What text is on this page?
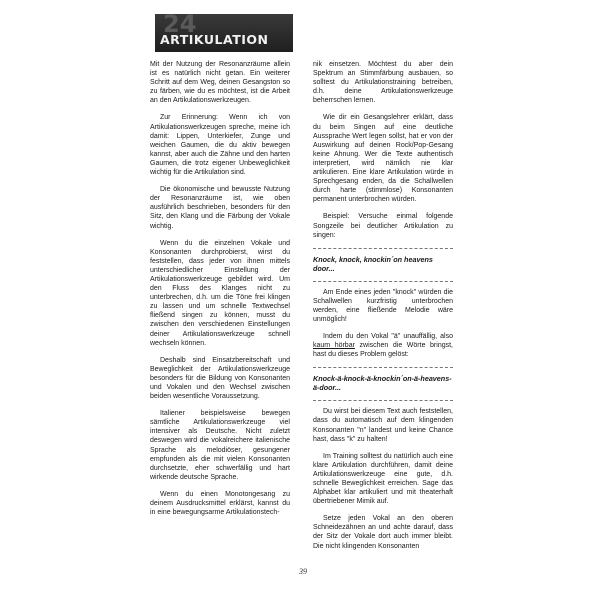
24
ARTIKULATION

Mit der Nutzung der Resonanzräume allein ist es natürlich nicht getan. Ein weiterer Schritt auf dem Weg, deinen Gesangston so zu färben, wie du es möchtest, ist die Arbeit an den Artikulationswerkzeugen.

Zur Erinnerung: Wenn ich von Artikulationswerkzeugen spreche, meine ich damit: Lippen, Unterkiefer, Zunge und weichen Gaumen, die du aktiv bewegen kannst, aber auch die Zähne und den harten Gaumen, die trotz eigener Unbeweglichkeit wichtig für die Artikulation sind.

Die ökonomische und bewusste Nutzung der Resonanzräume ist, wie oben ausführlich beschrieben, besonders für den Sitz, den Klang und die Färbung der Vokale wichtig.

Wenn du die einzelnen Vokale und Konsonanten durchprobierst, wirst du feststellen, dass jeder von ihnen mittels unterschiedlicher Einstellung der Artikulationswerkzeuge gebildet wird. Um den Fluss des Klanges nicht zu unterbrechen, d.h. um die Töne frei klingen zu lassen und um schnelle Textwechsel fließend singen zu können, musst du zwischen den verschiedenen Einstellungen deiner Artikulationswerkzeuge schnell wechseln können.

Deshalb sind Einsatzbereitschaft und Beweglichkeit der Artikulationswerkzeuge besonders für die Bildung von Konsonanten und Vokalen und den Wechsel zwischen beiden wesentliche Voraussetzung.

Italiener beispielsweise bewegen sämtliche Artikulationswerkzeuge viel intensiver als Deutsche. Nicht zuletzt deswegen wird die vokalreichere italienische Sprache als melodiöser, gesungener empfunden als die mit vielen Konsonanten durchsetzte, eher schwerfällig und hart wirkende deutsche Sprache.

Wenn du einen Monotongesang zu deinem Ausdrucksmittel erklärst, kannst du in eine bewegungsarme Artikulationstech-

nik einsetzen. Möchtest du aber dein Spektrum an Stimmfärbung ausbauen, so solltest du Artikulationstraining betreiben, d.h. deine Artikulationswerkzeuge beherrschen lernen.

Wie dir ein Gesangslehrer erklärt, dass du beim Singen auf eine deutliche Aussprache Wert legen sollst, hat er von der Auswirkung auf deinen Rock/Pop-Gesang keine Ahnung. Wer die Texte authentisch interpretiert, wird nämlich nie klar artikulieren. Eine klare Artikulation würde in Sprechgesang enden, da die Schallwellen durch harte (stimmlose) Konsonanten permanent unterbrochen würden.

Beispiel: Versuche einmal folgende Songzeile bei deutlicher Artikulation zu singen:

Knock, knock, knockin´on heavens door...

Am Ende eines jeden "knock" würden die Schallwellen kurzfristig unterbrochen werden, eine fließende Melodie wäre unmöglich!

Indem du den Vokal "ä" unauffällig, also kaum hörbar zwischen die Wörte bringst, hast du dieses Problem gelöst:

Knock-ä-knock-ä-knockin´on-ä-heavens-ä-door...

Du wirst bei diesem Text auch feststellen, dass du automatisch auf dem klingenden Konsonanten "n" landest und keine Chance hast, dass "k" zu halten!

Im Training solltest du natürlich auch eine klare Artikulation durchführen, damit deine Artikulationswerkzeuge eine gute, d.h. schnelle Beweglichkeit erreichen. Sage das Alphabet klar artikuliert und mit theaterhaft übertriebener Mimik auf.

Setze jeden Vokal an den oberen Schneidezähnen an und achte darauf, dass der Sitz der Vokale dort auch immer bleibt. Die nicht klingenden Konsonanten

39
